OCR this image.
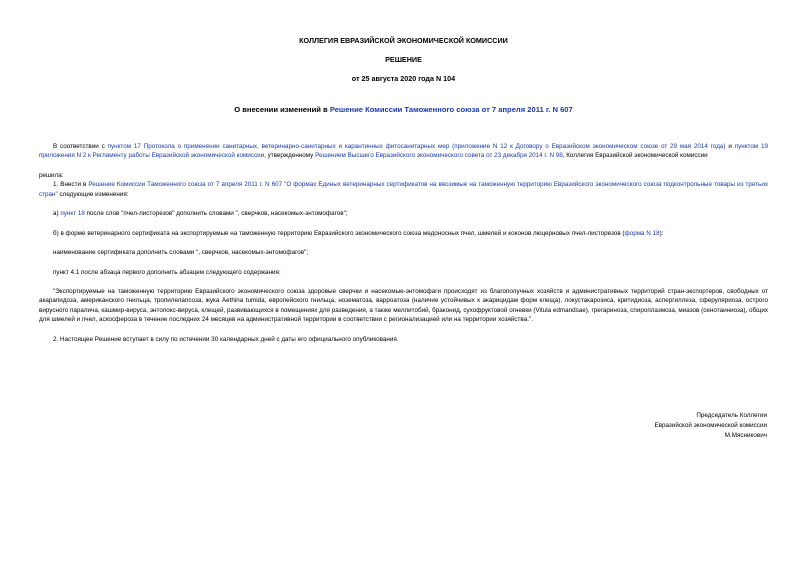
КОЛЛЕГИЯ ЕВРАЗИЙСКОЙ ЭКОНОМИЧЕСКОЙ КОМИССИИ
РЕШЕНИЕ
от 25 августа 2020 года N 104
О внесении изменений в Решение Комиссии Таможенного союза от 7 апреля 2011 г. N 607

В соответствии с пунктом 17 Протокола о применении санитарных, ветеринарно-санитарных и карантинных фитосанитарных мер (приложение N 12 к Договору о Евразийском экономическом союзе от 29 мая 2014 года) и пунктом 19 приложения N 2 к Регламенту работы Евразийской экономической комиссии, утвержденному Решением Высшего Евразийского экономического совета от 23 декабря 2014 г. N 98, Коллегия Евразийской экономической комиссии

решила:

1. Внести в Решение Комиссии Таможенного союза от 7 апреля 2011 г. N 607 "О формах Единых ветеринарных сертификатов на ввозимые на таможенную территорию Евразийского экономического союза подконтрольные товары из третьих стран" следующие изменения:

а) пункт 18 после слов "пчел-листорезов" дополнить словами ", сверчков, насекомых-энтомофагов";

б) в форме ветеринарного сертификата на экспортируемые на таможенную территорию Евразийского экономического союза медоносных пчел, шмелей и коконов люцерновых пчел-листорезов (форма N 18):

наименование сертификата дополнить словами ", сверчков, насекомых-энтомофагов";

пункт 4.1 после абзаца первого дополнить абзацем следующего содержания:

"Экспортируемые на таможенную территорию Евразийского экономического союза здоровые сверчки и насекомые-энтомофаги происходят из благополучных хозяйств и административных территорий стран-экспортеров, свободных от акарапидоза, американского гнильца, тропилелапсоза, жука Aethina tumida, европейского гнильца, нозематоза, варроатоза (наличие устойчивых к акарицидам форм клеща), локустакарозиса, критидиоза, аспергиллеза, сферуляриоза, острого вирусного паралича, кашмир-вируса, энтопокс-вируса, клещей, развивающихся в помещениях для разведения, а также меллитобий, браконид, сухофруктовой огневки (Vitula edmandsae), грегариноза, спироплазмоза, миазов (сенотаиниоза), общих для шмелей и пчел, аскосфероза в течение последних 24 месяцев на административной территории в соответствии с регионализацией или на территории хозяйства.".

2. Настоящее Решение вступает в силу по истечении 30 календарных дней с даты его официального опубликования.

Председатель Коллегии
Евразийской экономической комиссии
М.Мясникович
